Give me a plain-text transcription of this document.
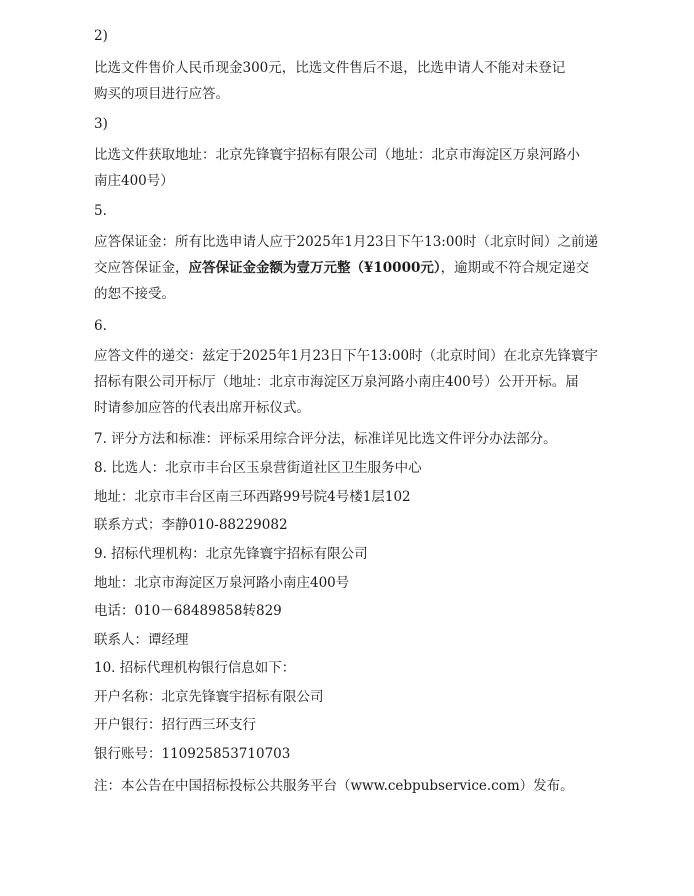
2)
比选文件售价人民币现金300元，比选文件售后不退，比选申请人不能对未登记
购买的项目进行应答。
3)
比选文件获取地址：北京先锋寰宇招标有限公司（地址：北京市海淀区万泉河路小
南庄400号）
5.
应答保证金：所有比选申请人应于2025年1月23日下午13:00时（北京时间）之前递
交应答保证金，应答保证金金额为壹万元整（¥10000元），逾期或不符合规定递交
的恕不接受。
6.
应答文件的递交：兹定于2025年1月23日下午13:00时（北京时间）在北京先锋寰宇
招标有限公司开标厅（地址：北京市海淀区万泉河路小南庄400号）公开开标。届
时请参加应答的代表出席开标仪式。
7. 评分方法和标准：评标采用综合评分法，标准详见比选文件评分办法部分。
8. 比选人：北京市丰台区玉泉营街道社区卫生服务中心
地址：北京市丰台区南三环西路99号院4号楼1层102
联系方式：李静010-88229082
9. 招标代理机构：北京先锋寰宇招标有限公司
地址：北京市海淀区万泉河路小南庄400号
电话：010－68489858转829
联系人：谭经理
10. 招标代理机构银行信息如下：
开户名称：北京先锋寰宇招标有限公司
开户银行：招行西三环支行
银行账号：110925853710703
注：本公告在中国招标投标公共服务平台（www.cebpubservice.com）发布。
